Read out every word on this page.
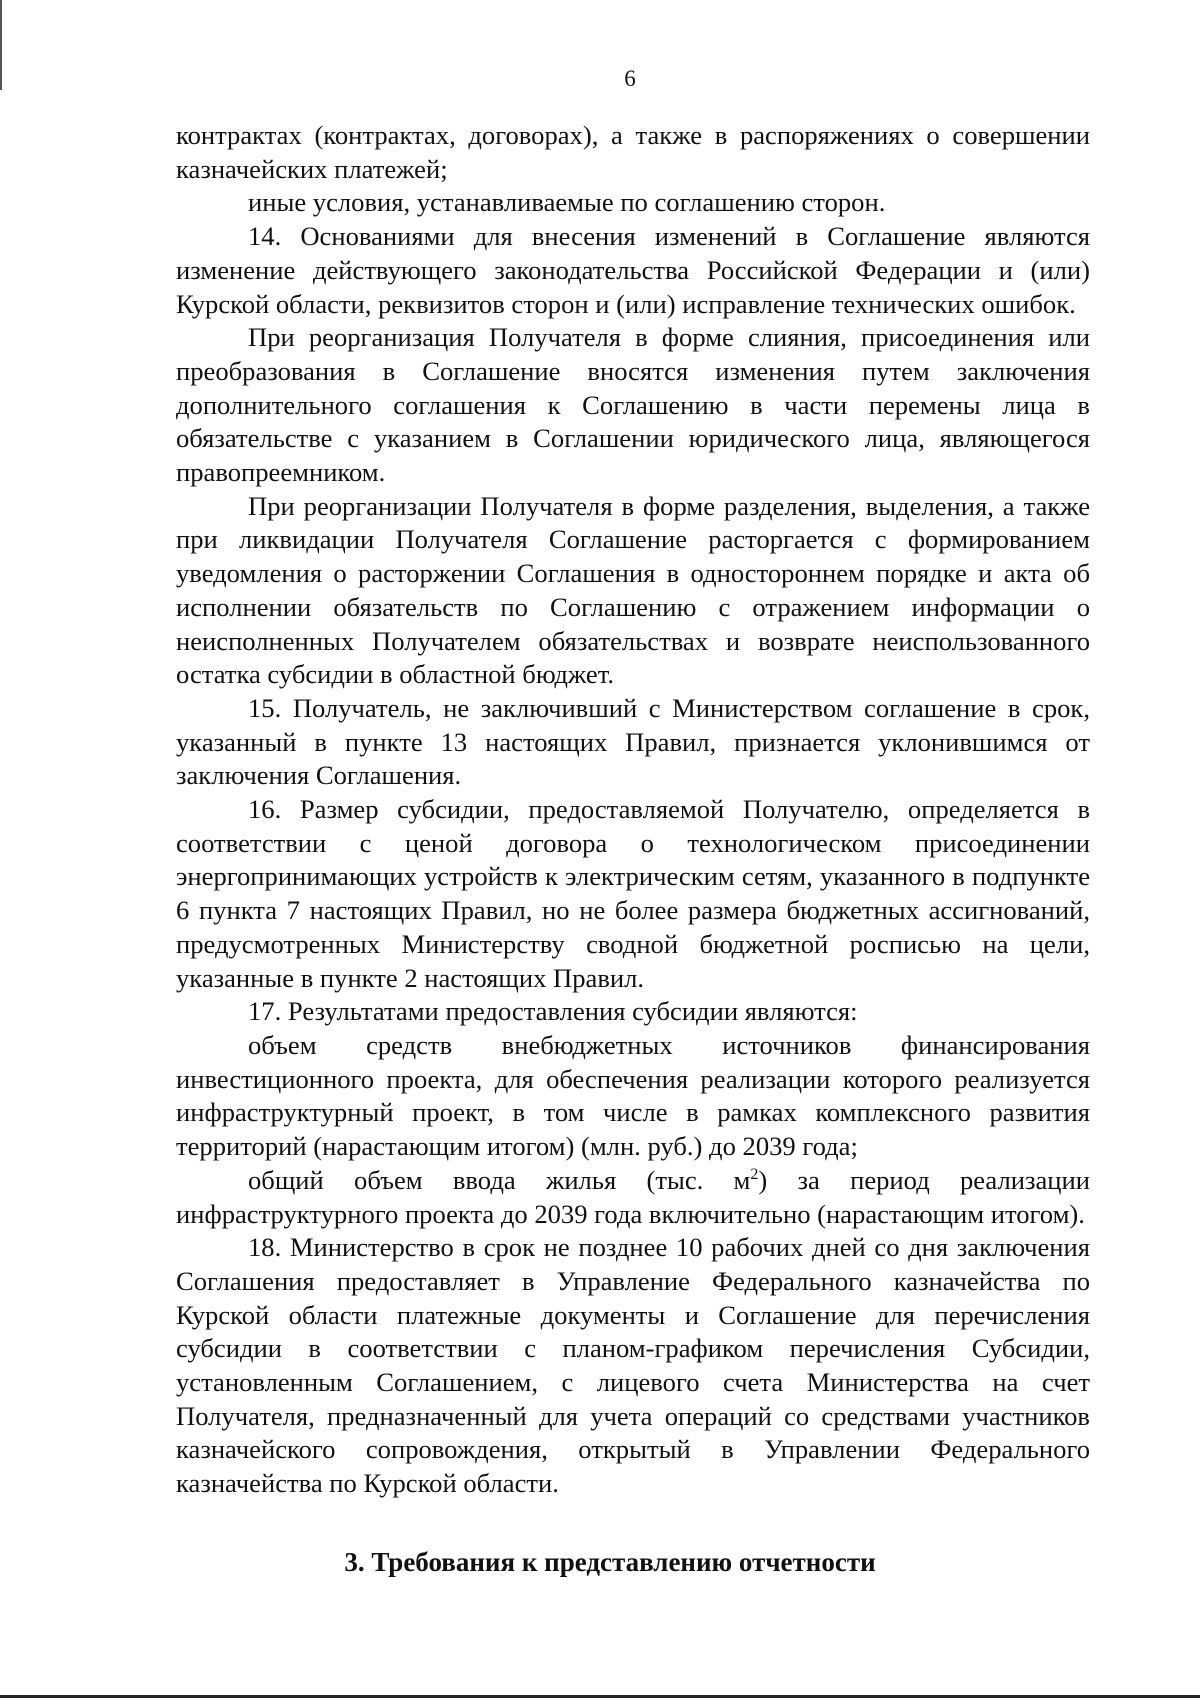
6

контрактах (контрактах, договорах), а также в распоряжениях о совершении казначейских платежей;

иные условия, устанавливаемые по соглашению сторон.

14. Основаниями для внесения изменений в Соглашение являются изменение действующего законодательства Российской Федерации и (или) Курской области, реквизитов сторон и (или) исправление технических ошибок.

При реорганизация Получателя в форме слияния, присоединения или преобразования в Соглашение вносятся изменения путем заключения дополнительного соглашения к Соглашению в части перемены лица в обязательстве с указанием в Соглашении юридического лица, являющегося правопреемником.

При реорганизации Получателя в форме разделения, выделения, а также при ликвидации Получателя Соглашение расторгается с формированием уведомления о расторжении Соглашения в одностороннем порядке и акта об исполнении обязательств по Соглашению с отражением информации о неисполненных Получателем обязательствах и возврате неиспользованного остатка субсидии в областной бюджет.

15. Получатель, не заключивший с Министерством соглашение в срок, указанный в пункте 13 настоящих Правил, признается уклонившимся от заключения Соглашения.

16. Размер субсидии, предоставляемой Получателю, определяется в соответствии с ценой договора о технологическом присоединении энергопринимающих устройств к электрическим сетям, указанного в подпункте 6 пункта 7 настоящих Правил, но не более размера бюджетных ассигнований, предусмотренных Министерству сводной бюджетной росписью на цели, указанные в пункте 2 настоящих Правил.

17. Результатами предоставления субсидии являются:

объем средств внебюджетных источников финансирования инвестиционного проекта, для обеспечения реализации которого реализуется инфраструктурный проект, в том числе в рамках комплексного развития территорий (нарастающим итогом) (млн. руб.) до 2039 года;

общий объем ввода жилья (тыс. $м^2$) за период реализации инфраструктурного проекта до 2039 года включительно (нарастающим итогом).

18. Министерство в срок не позднее 10 рабочих дней со дня заключения Соглашения предоставляет в Управление Федерального казначейства по Курской области платежные документы и Соглашение для перечисления субсидии в соответствии с планом-графиком перечисления Субсидии, установленным Соглашением, с лицевого счета Министерства на счет Получателя, предназначенный для учета операций со средствами участников казначейского сопровождения, открытый в Управлении Федерального казначейства по Курской области.

3. Требования к представлению отчетности
